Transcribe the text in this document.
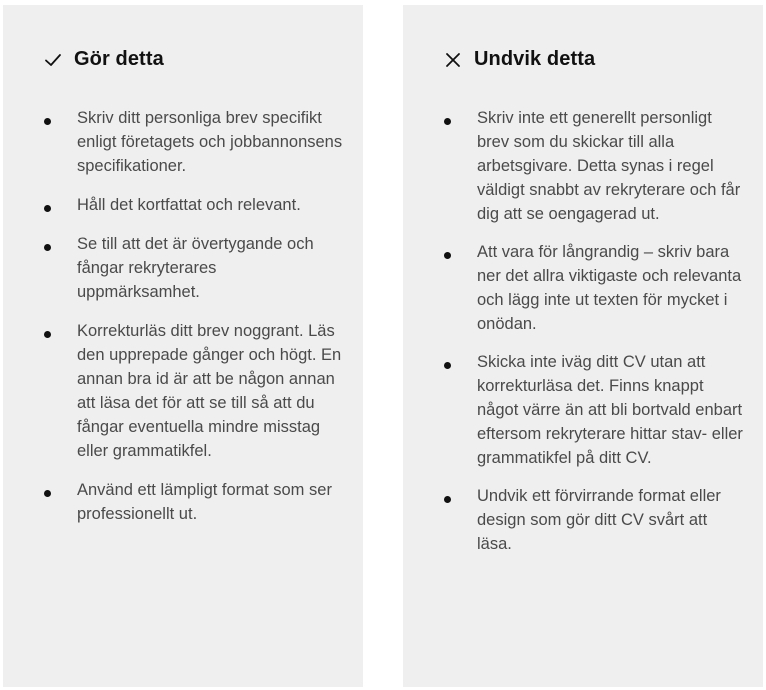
Gör detta
Skriv ditt personliga brev specifikt enligt företagets och jobbannonsens specifikationer.
Håll det kortfattat och relevant.
Se till att det är övertygande och fångar rekryterares uppmärksamhet.
Korrekturläs ditt brev noggrant. Läs den upprepade gånger och högt. En annan bra id är att be någon annan att läsa det för att se till så att du fångar eventuella mindre misstag eller grammatikfel.
Använd ett lämpligt format som ser professionellt ut.
Undvik detta
Skriv inte ett generellt personligt brev som du skickar till alla arbetsgivare. Detta synas i regel väldigt snabbt av rekryterare och får dig att se oengagerad ut.
Att vara för långrandig – skriv bara ner det allra viktigaste och relevanta och lägg inte ut texten för mycket i onödan.
Skicka inte iväg ditt CV utan att korrekturläsa det. Finns knappt något värre än att bli bortvald enbart eftersom rekryterare hittar stav- eller grammatikfel på ditt CV.
Undvik ett förvirrande format eller design som gör ditt CV svårt att läsa.
